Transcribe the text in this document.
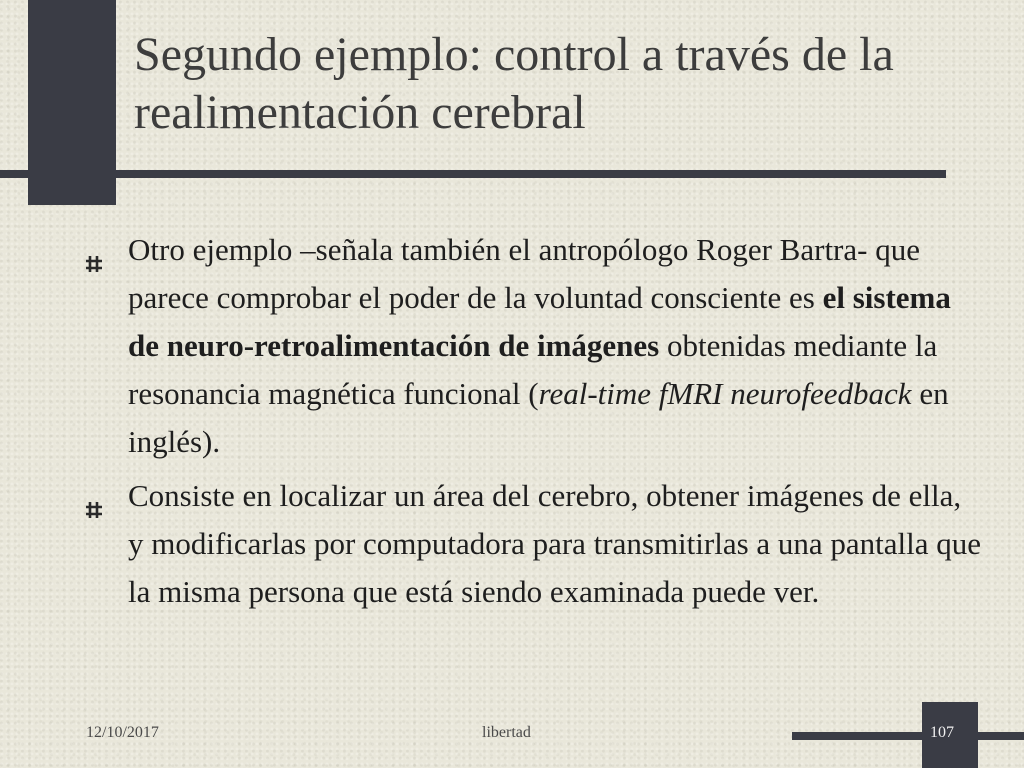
Segundo ejemplo: control a través de la realimentación cerebral
Otro ejemplo –señala también el antropólogo Roger Bartra- que parece comprobar el poder de la voluntad consciente es el sistema de neuro-retroalimentación de imágenes obtenidas mediante la resonancia magnética funcional (real-time fMRI neurofeedback en inglés).
Consiste en localizar un área del cerebro, obtener imágenes de ella, y modificarlas por computadora para transmitirlas a una pantalla que la misma persona que está siendo examinada puede ver.
12/10/2017	libertad	107
